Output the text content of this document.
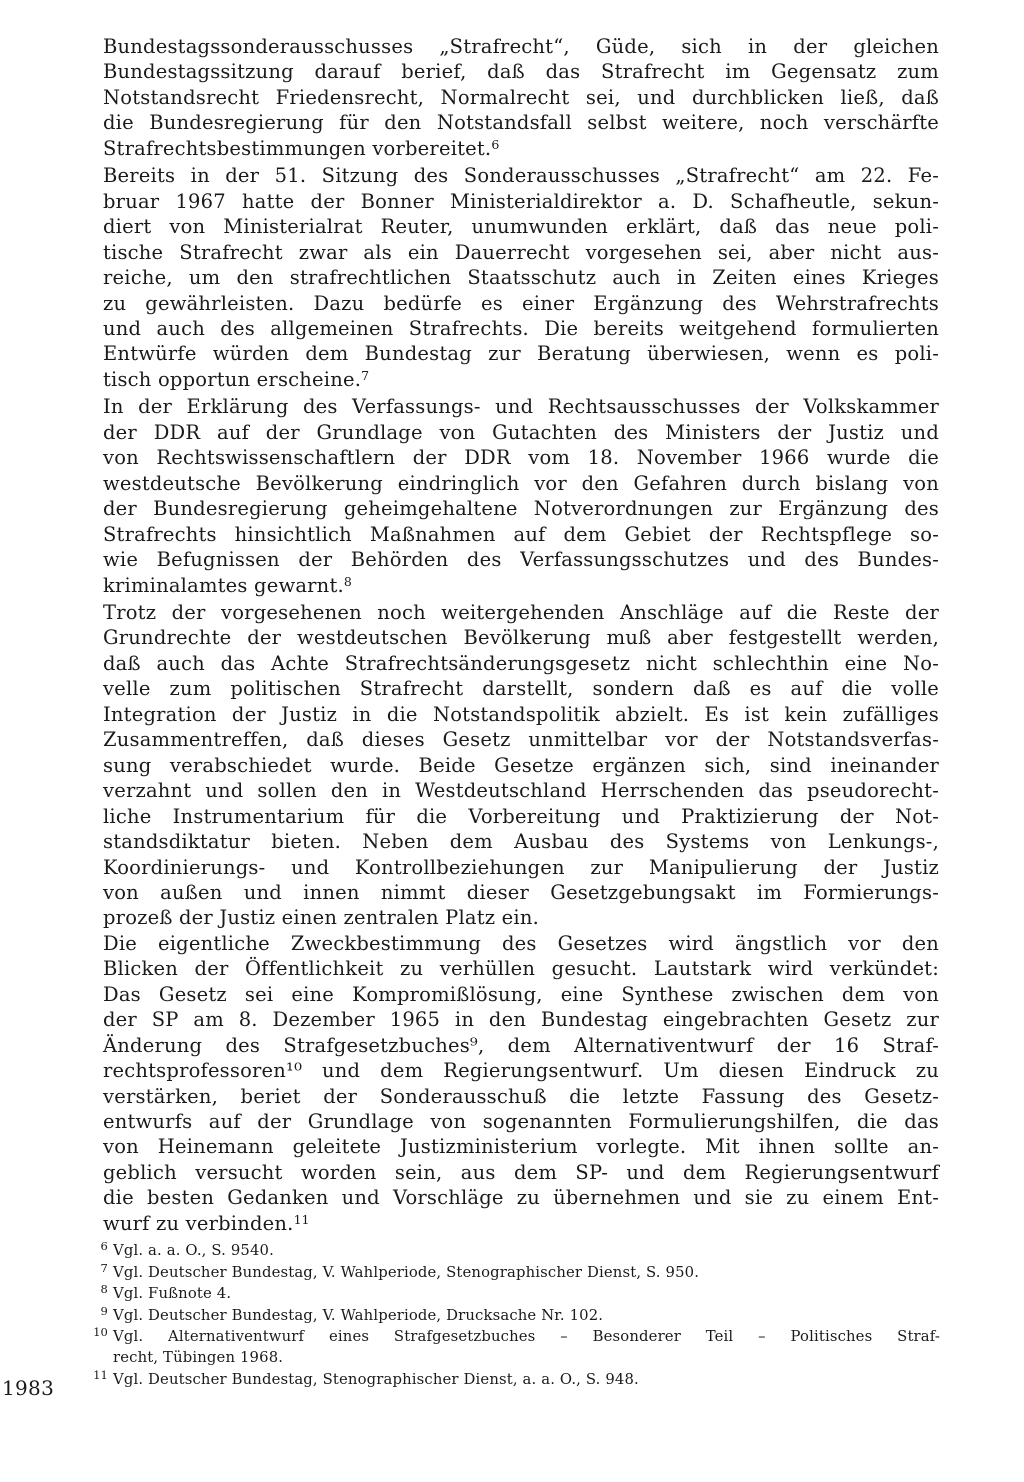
Bundestagssonderausschusses „Strafrecht“, Güde, sich in der gleichen
Bundestagssitzung darauf berief, daß das Strafrecht im Gegensatz zum
Notstandsrecht Friedensrecht, Normalrecht sei, und durchblicken ließ, daß
die Bundesregierung für den Notstandsfall selbst weitere, noch verschärfte
Strafrechtsbestimmungen vorbereitet.$^6$

Bereits in der 51. Sitzung des Sonderausschusses „Strafrecht“ am 22. Fe-
bruar 1967 hatte der Bonner Ministerialdirektor a. D. Schafheutle, sekun-
diert von Ministerialrat Reuter, unumwunden erklärt, daß das neue poli-
tische Strafrecht zwar als ein Dauerrecht vorgesehen sei, aber nicht aus-
reiche, um den strafrechtlichen Staatsschutz auch in Zeiten eines Krieges
zu gewährleisten. Dazu bedürfe es einer Ergänzung des Wehrstrafrechts
und auch des allgemeinen Strafrechts. Die bereits weitgehend formulierten
Entwürfe würden dem Bundestag zur Beratung überwiesen, wenn es poli-
tisch opportun erscheine.$^7$

In der Erklärung des Verfassungs- und Rechtsausschusses der Volkskammer
der DDR auf der Grundlage von Gutachten des Ministers der Justiz und
von Rechtswissenschaftlern der DDR vom 18. November 1966 wurde die
westdeutsche Bevölkerung eindringlich vor den Gefahren durch bislang von
der Bundesregierung geheimgehaltene Notverordnungen zur Ergänzung des
Strafrechts hinsichtlich Maßnahmen auf dem Gebiet der Rechtspflege so-
wie Befugnissen der Behörden des Verfassungsschutzes und des Bundes-
kriminalamtes gewarnt.$^8$

Trotz der vorgesehenen noch weitergehenden Anschläge auf die Reste der
Grundrechte der westdeutschen Bevölkerung muß aber festgestellt werden,
daß auch das Achte Strafrechtsänderungsgesetz nicht schlechthin eine No-
velle zum politischen Strafrecht darstellt, sondern daß es auf die volle
Integration der Justiz in die Notstandspolitik abzielt. Es ist kein zufälliges
Zusammentreffen, daß dieses Gesetz unmittelbar vor der Notstandsverfas-
sung verabschiedet wurde. Beide Gesetze ergänzen sich, sind ineinander
verzahnt und sollen den in Westdeutschland Herrschenden das pseudorecht-
liche Instrumentarium für die Vorbereitung und Praktizierung der Not-
standsdiktatur bieten. Neben dem Ausbau des Systems von Lenkungs-,
Koordinierungs- und Kontrollbeziehungen zur Manipulierung der Justiz
von außen und innen nimmt dieser Gesetzgebungsakt im Formierungs-
prozeß der Justiz einen zentralen Platz ein.

Die eigentliche Zweckbestimmung des Gesetzes wird ängstlich vor den
Blicken der Öffentlichkeit zu verhüllen gesucht. Lautstark wird verkündet:
Das Gesetz sei eine Kompromißlösung, eine Synthese zwischen dem von
der SP am 8. Dezember 1965 in den Bundestag eingebrachten Gesetz zur
Änderung des Strafgesetzbuches⁹, dem Alternativentwurf der 16 Straf-
rechtsprofessoren¹⁰ und dem Regierungsentwurf. Um diesen Eindruck zu
verstärken, beriet der Sonderausschuß die letzte Fassung des Gesetz-
entwurfs auf der Grundlage von sogenannten Formulierungshilfen, die das
von Heinemann geleitete Justizministerium vorlegte. Mit ihnen sollte an-
geblich versucht worden sein, aus dem SP- und dem Regierungsentwurf
die besten Gedanken und Vorschläge zu übernehmen und sie zu einem Ent-
wurf zu verbinden.$^{11}$

6 Vgl. a. a. O., S. 9540.
7 Vgl. Deutscher Bundestag, V. Wahlperiode, Stenographischer Dienst, S. 950.
8 Vgl. Fußnote 4.
9 Vgl. Deutscher Bundestag, V. Wahlperiode, Drucksache Nr. 102.
10 Vgl. Alternativentwurf eines Strafgesetzbuches – Besonderer Teil – Politisches Straf-
recht, Tübingen 1968.
11 Vgl. Deutscher Bundestag, Stenographischer Dienst, a. a. O., S. 948.
1983
